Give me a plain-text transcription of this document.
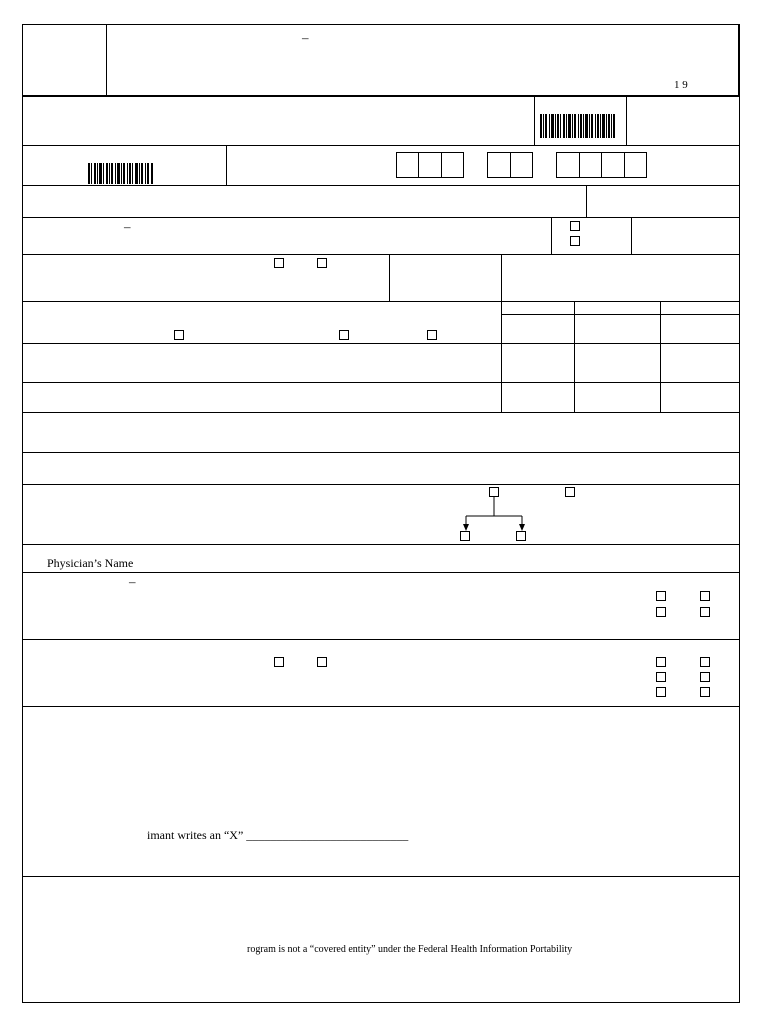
–
1 9
–
Physician’s Name
–
imant writes an “X” ___________________________
rogram is not a “covered entity” under the Federal Health Information Portability
